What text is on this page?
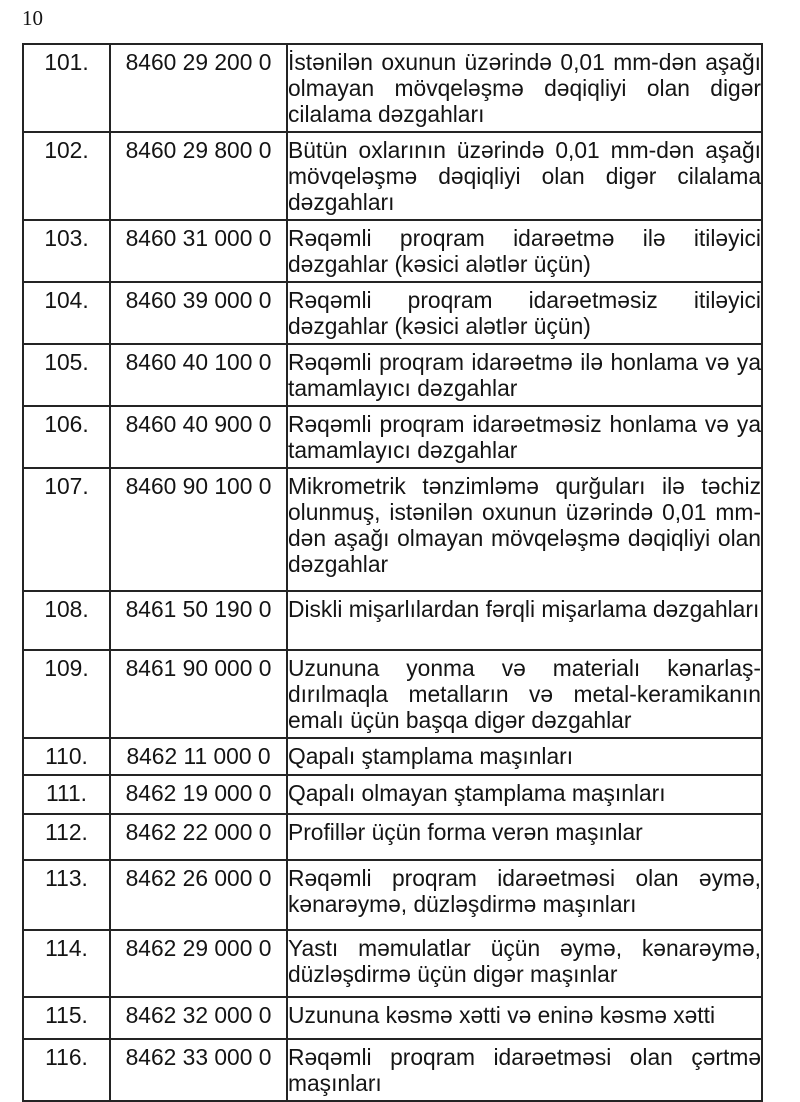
10
101.	8460 29 200 0	İstənilən oxunun üzərində 0,01 mm-dən aşağı olmayan mövqeləşmə dəqiqliyi olan digər cilalama dəzgahları
102.	8460 29 800 0	Bütün oxlarının üzərində 0,01 mm-dən aşağı mövqeləşmə dəqiqliyi olan digər cilalama dəzgahları
103.	8460 31 000 0	Rəqəmli proqram idarəetmə ilə itiləyici dəzgahlar (kəsici alətlər üçün)
104.	8460 39 000 0	Rəqəmli proqram idarəetməsiz itiləyici dəzgahlar (kəsici alətlər üçün)
105.	8460 40 100 0	Rəqəmli proqram idarəetmə ilə honlama və ya tamamlayıcı dəzgahlar
106.	8460 40 900 0	Rəqəmli proqram idarəetməsiz honlama və ya tamamlayıcı dəzgahlar
107.	8460 90 100 0	Mikrometrik tənzimləmə qurğuları ilə təchiz olunmuş, istənilən oxunun üzərində 0,01 mm-dən aşağı olmayan mövqeləşmə dəqiqliyi olan dəzgahlar
108.	8461 50 190 0	Diskli mişarlılardan fərqli mişarlama dəzgahları
109.	8461 90 000 0	Uzununa yonma və materialı kənarlaş-dırılmaqla metalların və metal-keramikanın emalı üçün başqa digər dəzgahlar
110.	8462 11 000 0	Qapalı ştamplama maşınları
111.	8462 19 000 0	Qapalı olmayan ştamplama maşınları
112.	8462 22 000 0	Profillər üçün forma verən maşınlar
113.	8462 26 000 0	Rəqəmli proqram idarəetməsi olan əymə, kənarəymə, düzləşdirmə maşınları
114.	8462 29 000 0	Yastı məmulatlar üçün əymə, kənarəymə, düzləşdirmə üçün digər maşınlar
115.	8462 32 000 0	Uzununa kəsmə xətti və eninə kəsmə xətti
116.	8462 33 000 0	Rəqəmli proqram idarəetməsi olan çərtmə maşınları
